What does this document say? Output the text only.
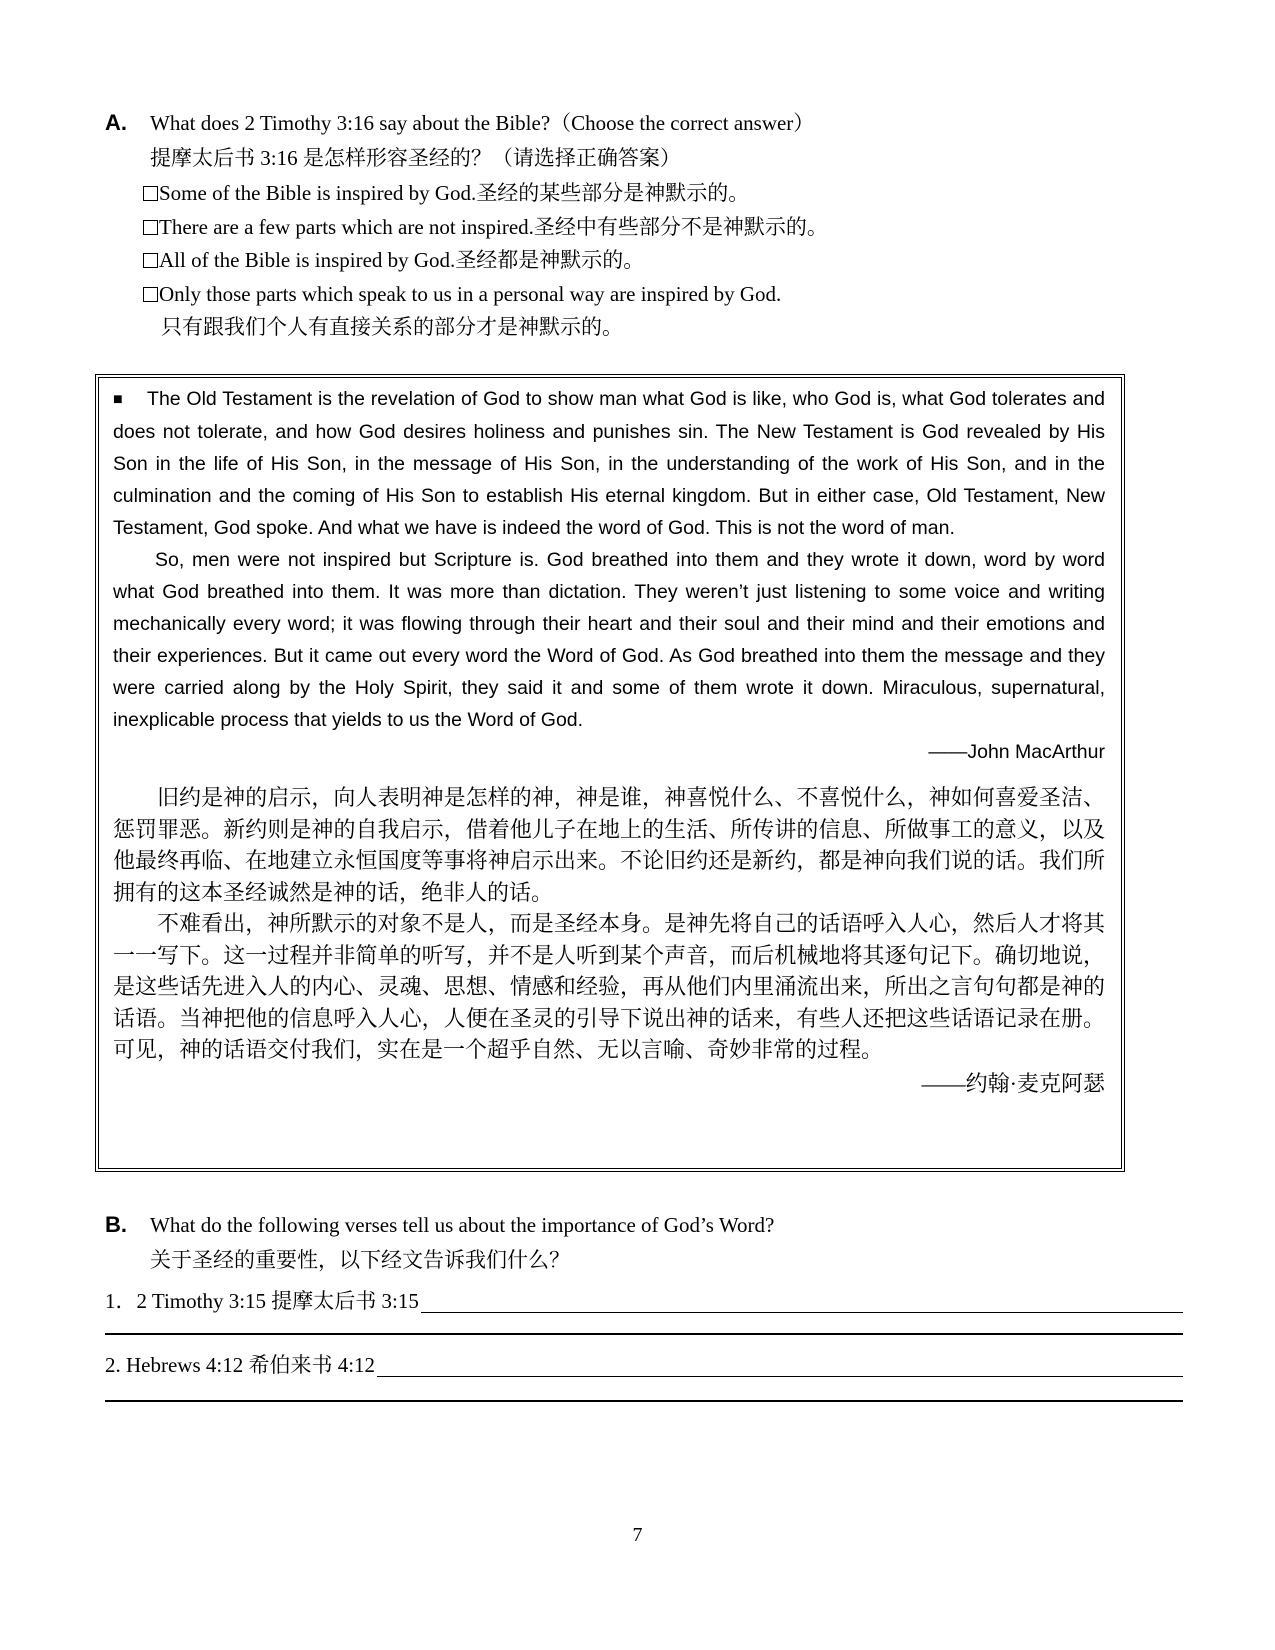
A.	What does 2 Timothy 3:16 say about the Bible?（Choose the correct answer）
提摩太后书 3:16 是怎样形容圣经的？（请选择正确答案）
Some of the Bible is inspired by God.圣经的某些部分是神默示的。
There are a few parts which are not inspired.圣经中有些部分不是神默示的。
All of the Bible is inspired by God.圣经都是神默示的。
Only those parts which speak to us in a personal way are inspired by God.
只有跟我们个人有直接关系的部分才是神默示的。

■ The Old Testament is the revelation of God to show man what God is like, who God is, what God tolerates and does not tolerate, and how God desires holiness and punishes sin. The New Testament is God revealed by His Son in the life of His Son, in the message of His Son, in the understanding of the work of His Son, and in the culmination and the coming of His Son to establish His eternal kingdom. But in either case, Old Testament, New Testament, God spoke. And what we have is indeed the word of God. This is not the word of man.

So, men were not inspired but Scripture is. God breathed into them and they wrote it down, word by word what God breathed into them. It was more than dictation. They weren’t just listening to some voice and writing mechanically every word; it was flowing through their heart and their soul and their mind and their emotions and their experiences. But it came out every word the Word of God. As God breathed into them the message and they were carried along by the Holy Spirit, they said it and some of them wrote it down. Miraculous, supernatural, inexplicable process that yields to us the Word of God.

——John MacArthur

旧约是神的启示，向人表明神是怎样的神，神是谁，神喜悦什么、不喜悦什么，神如何喜爱圣洁、惩罚罪恶。新约则是神的自我启示，借着他儿子在地上的生活、所传讲的信息、所做事工的意义，以及他最终再临、在地建立永恒国度等事将神启示出来。不论旧约还是新约，都是神向我们说的话。我们所拥有的这本圣经诚然是神的话，绝非人的话。

不难看出，神所默示的对象不是人，而是圣经本身。是神先将自己的话语呼入人心，然后人才将其一一写下。这一过程并非简单的听写，并不是人听到某个声音，而后机械地将其逐句记下。确切地说，是这些话先进入人的内心、灵魂、思想、情感和经验，再从他们内里涌流出来，所出之言句句都是神的话语。当神把他的信息呼入人心，人便在圣灵的引导下说出神的话来，有些人还把这些话语记录在册。可见，神的话语交付我们，实在是一个超乎自然、无以言喻、奇妙非常的过程。

——约翰·麦克阿瑟

B.	What do the following verses tell us about the importance of God’s Word?
关于圣经的重要性，以下经文告诉我们什么？
1．2 Timothy 3:15 提摩太后书 3:15
2. Hebrews 4:12 希伯来书 4:12
7
